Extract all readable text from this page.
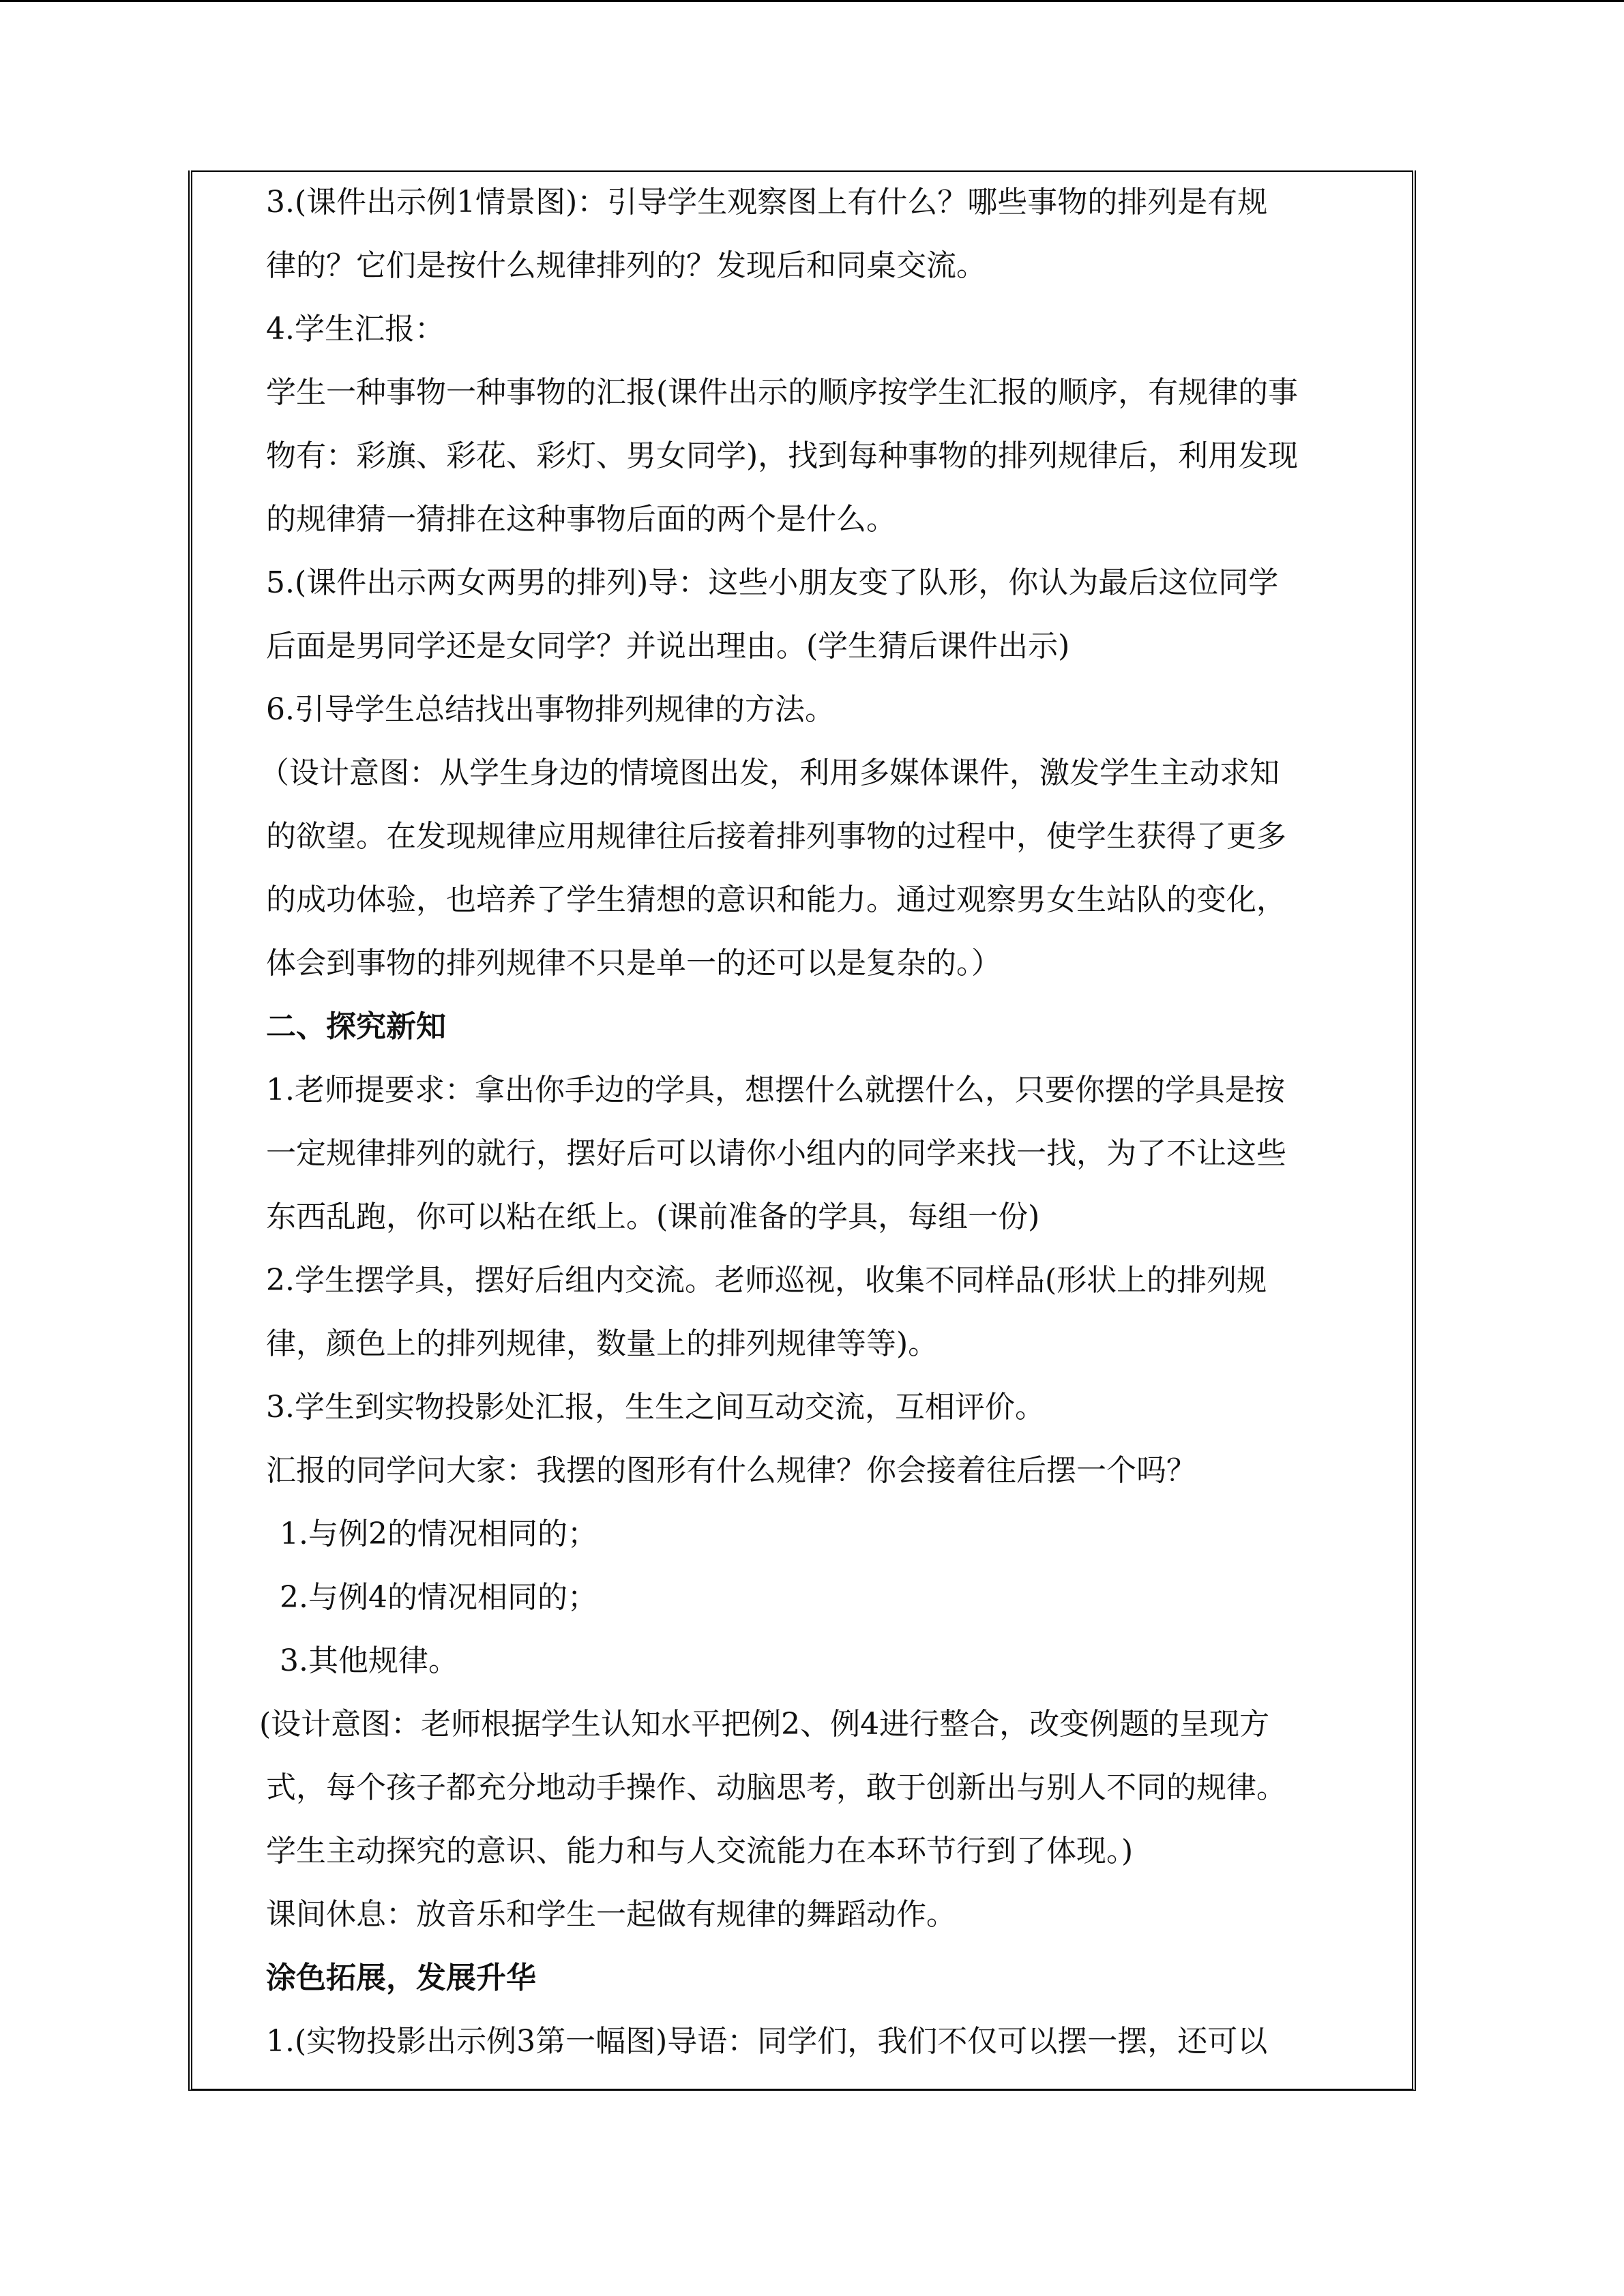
3.(课件出示例1情景图)：引导学生观察图上有什么？哪些事物的排列是有规
律的？它们是按什么规律排列的？发现后和同桌交流。
4.学生汇报：
学生一种事物一种事物的汇报(课件出示的顺序按学生汇报的顺序，有规律的事
物有：彩旗、彩花、彩灯、男女同学)，找到每种事物的排列规律后，利用发现
的规律猜一猜排在这种事物后面的两个是什么。
5.(课件出示两女两男的排列)导：这些小朋友变了队形，你认为最后这位同学
后面是男同学还是女同学？并说出理由。(学生猜后课件出示)
6.引导学生总结找出事物排列规律的方法。
（设计意图：从学生身边的情境图出发，利用多媒体课件，激发学生主动求知
的欲望。在发现规律应用规律往后接着排列事物的过程中，使学生获得了更多
的成功体验，也培养了学生猜想的意识和能力。通过观察男女生站队的变化，
体会到事物的排列规律不只是单一的还可以是复杂的。）
二、探究新知
1.老师提要求：拿出你手边的学具，想摆什么就摆什么，只要你摆的学具是按
一定规律排列的就行，摆好后可以请你小组内的同学来找一找，为了不让这些
东西乱跑，你可以粘在纸上。(课前准备的学具，每组一份)
2.学生摆学具，摆好后组内交流。老师巡视，收集不同样品(形状上的排列规
律，颜色上的排列规律，数量上的排列规律等等)。
3.学生到实物投影处汇报，生生之间互动交流，互相评价。
汇报的同学问大家：我摆的图形有什么规律？你会接着往后摆一个吗？
1.与例2的情况相同的；
2.与例4的情况相同的；
3.其他规律。
(设计意图：老师根据学生认知水平把例2、例4进行整合，改变例题的呈现方
式，每个孩子都充分地动手操作、动脑思考，敢于创新出与别人不同的规律。
学生主动探究的意识、能力和与人交流能力在本环节行到了体现。)
课间休息：放音乐和学生一起做有规律的舞蹈动作。
涂色拓展，发展升华
1.(实物投影出示例3第一幅图)导语：同学们，我们不仅可以摆一摆，还可以
